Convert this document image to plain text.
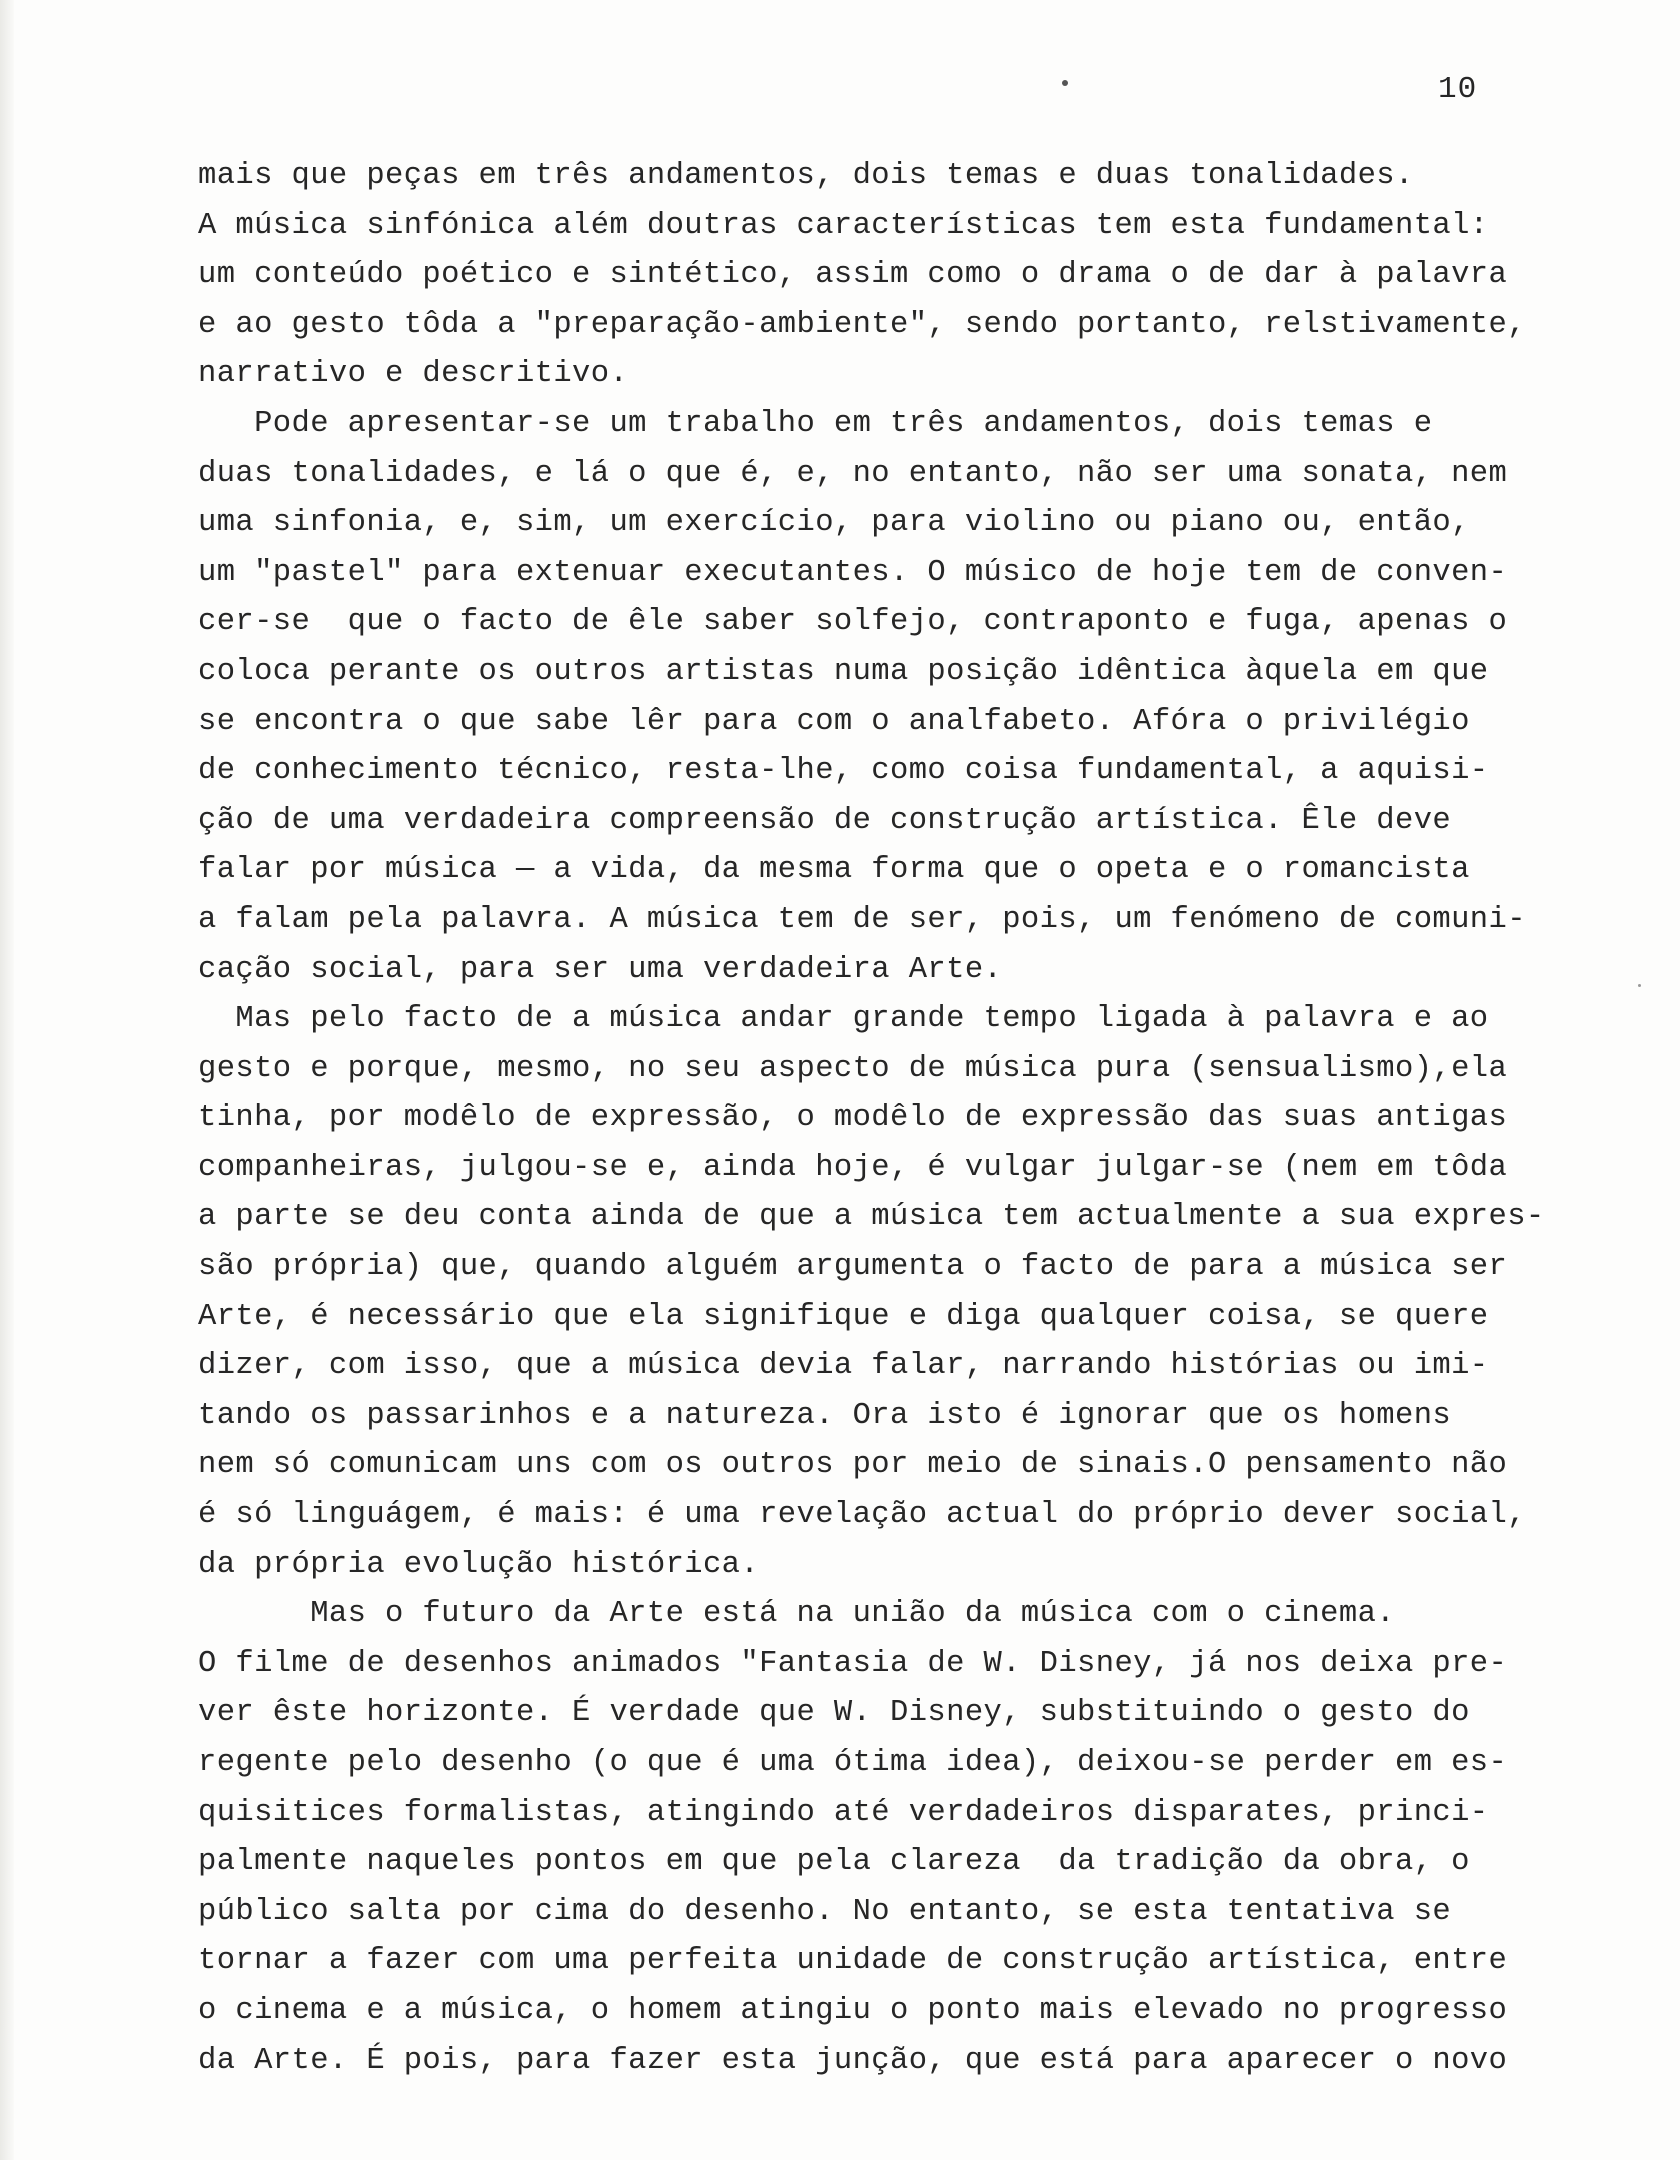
10
mais que peças em três andamentos, dois temas e duas tonalidades.
A música sinfónica além doutras características tem esta fundamental:
um conteúdo poético e sintético, assim como o drama o de dar à palavra
e ao gesto tôda a "preparação-ambiente", sendo portanto, relstivamente,
narrativo e descritivo.
Pode apresentar-se um trabalho em três andamentos, dois temas e
duas tonalidades, e lá o que é, e, no entanto, não ser uma sonata, nem
uma sinfonia, e, sim, um exercício, para violino ou piano ou, então,
um "pastel" para extenuar executantes. O músico de hoje tem de conven-
cer-se  que o facto de êle saber solfejo, contraponto e fuga, apenas o
coloca perante os outros artistas numa posição idêntica àquela em que
se encontra o que sabe lêr para com o analfabeto. Afóra o privilégio
de conhecimento técnico, resta-lhe, como coisa fundamental, a aquisi-
ção de uma verdadeira compreensão de construção artística. Êle deve
falar por música — a vida, da mesma forma que o opeta e o romancista
a falam pela palavra. A música tem de ser, pois, um fenómeno de comuni-
cação social, para ser uma verdadeira Arte.
Mas pelo facto de a música andar grande tempo ligada à palavra e ao
gesto e porque, mesmo, no seu aspecto de música pura (sensualismo),ela
tinha, por modêlo de expressão, o modêlo de expressão das suas antigas
companheiras, julgou-se e, ainda hoje, é vulgar julgar-se (nem em tôda
a parte se deu conta ainda de que a música tem actualmente a sua expres-
são própria) que, quando alguém argumenta o facto de para a música ser
Arte, é necessário que ela signifique e diga qualquer coisa, se quere
dizer, com isso, que a música devia falar, narrando histórias ou imi-
tando os passarinhos e a natureza. Ora isto é ignorar que os homens
nem só comunicam uns com os outros por meio de sinais.O pensamento não
é só linguágem, é mais: é uma revelação actual do próprio dever social,
da própria evolução histórica.
Mas o futuro da Arte está na união da música com o cinema.
O filme de desenhos animados "Fantasia de W. Disney, já nos deixa pre-
ver êste horizonte. É verdade que W. Disney, substituindo o gesto do
regente pelo desenho (o que é uma ótima idea), deixou-se perder em es-
quisitices formalistas, atingindo até verdadeiros disparates, princi-
palmente naqueles pontos em que pela clareza  da tradição da obra, o
público salta por cima do desenho. No entanto, se esta tentativa se
tornar a fazer com uma perfeita unidade de construção artística, entre
o cinema e a música, o homem atingiu o ponto mais elevado no progresso
da Arte. É pois, para fazer esta junção, que está para aparecer o novo
